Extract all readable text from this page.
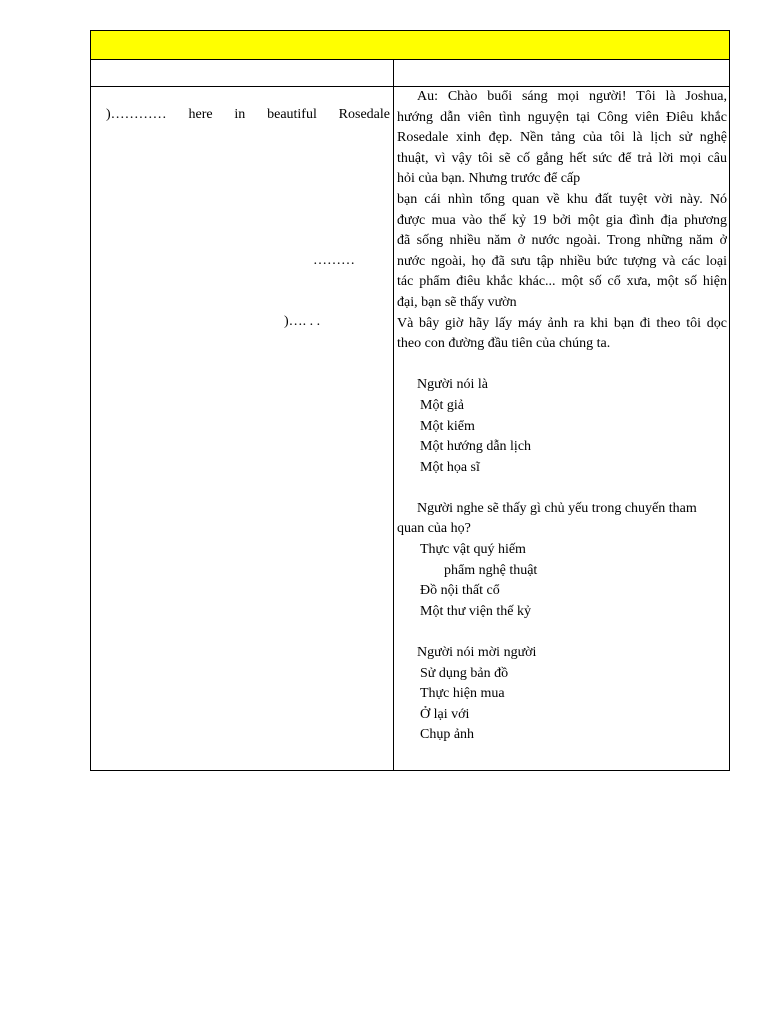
)………… here in beautiful Rosedale
………
)…. . .
Au: Chào buổi sáng mọi người! Tôi là Joshua,
hướng dẫn viên tình nguyện tại Công viên Điêu khắc
Rosedale xinh đẹp. Nền tảng của tôi là lịch sử nghệ
thuật, vì vậy tôi sẽ cố gắng hết sức để trả lời mọi câu
hỏi của bạn. Nhưng trước để cấp
bạn cái nhìn tổng quan về khu đất tuyệt vời này. Nó
được mua vào thế kỷ 19 bởi một gia đình địa phương
đã sống nhiều năm ở nước ngoài. Trong những năm ở
nước ngoài, họ đã sưu tập nhiều bức tượng và các loại
tác phẩm điêu khắc khác... một số cổ xưa, một số hiện
đại, bạn sẽ thấy vườn
Và bây giờ hãy lấy máy ảnh ra khi bạn đi theo tôi dọc
theo con đường đầu tiên của chúng ta.
Người nói là
Một giả
Một kiểm
Một hướng dẫn lịch
Một họa sĩ
Người nghe sẽ thấy gì chủ yếu trong chuyến tham
quan của họ?
Thực vật quý hiếm
phẩm nghệ thuật
Đồ nội thất cổ
Một thư viện thế kỷ
Người nói mời người
Sử dụng bản đồ
Thực hiện mua
Ở lại với
Chụp ảnh
